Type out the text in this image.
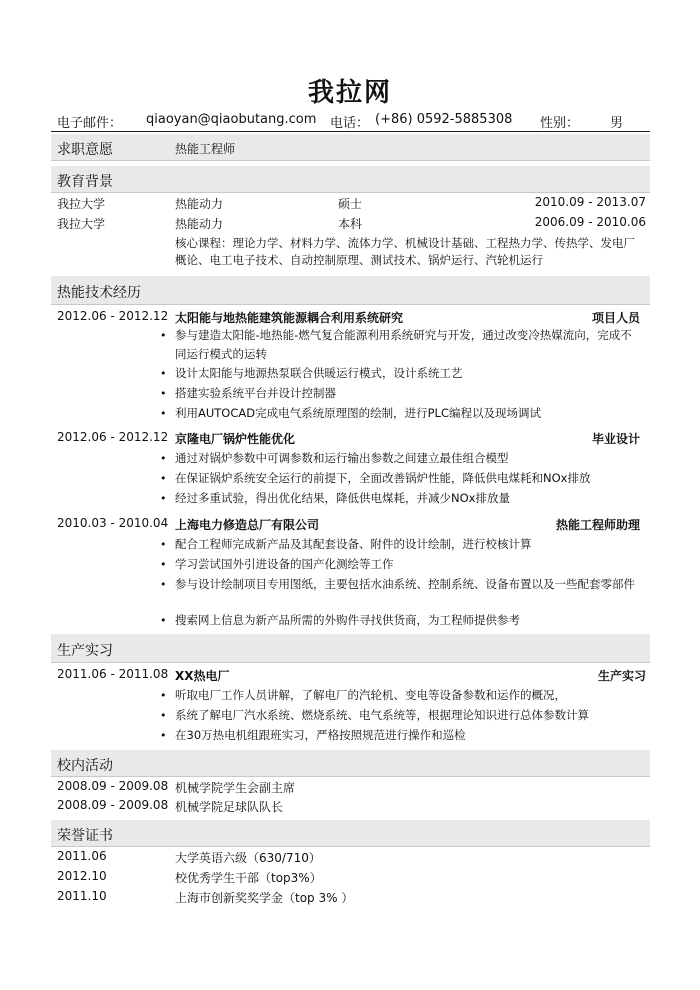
我拉网
电子邮件： qiaoyan@qiaobutang.com 电话： (+86) 0592-5885308 性别： 男
求职意愿	热能工程师
教育背景
我拉大学	热能动力	硕士	2010.09 - 2013.07
我拉大学	热能动力	本科	2006.09 - 2010.06
核心课程：理论力学、材料力学、流体力学、机械设计基础、工程热力学、传热学、发电厂概论、电工电子技术、自动控制原理、测试技术、锅炉运行、汽轮机运行
热能技术经历
2012.06 - 2012.12 太阳能与地热能建筑能源耦合利用系统研究	项目人员
• 参与建造太阳能-地热能-燃气复合能源利用系统研究与开发，通过改变冷热媒流向，完成不同运行模式的运转
• 设计太阳能与地源热泵联合供暖运行模式，设计系统工艺
• 搭建实验系统平台并设计控制器
• 利用AUTOCAD完成电气系统原理图的绘制，进行PLC编程以及现场调试
2012.06 - 2012.12 京隆电厂锅炉性能优化	毕业设计
• 通过对锅炉参数中可调参数和运行输出参数之间建立最佳组合模型
• 在保证锅炉系统安全运行的前提下，全面改善锅炉性能，降低供电煤耗和NOx排放
• 经过多重试验，得出优化结果，降低供电煤耗，并减少NOx排放量
2010.03 - 2010.04 上海电力修造总厂有限公司	热能工程师助理
• 配合工程师完成新产品及其配套设备、附件的设计绘制，进行校核计算
• 学习尝试国外引进设备的国产化测绘等工作
• 参与设计绘制项目专用图纸，主要包括水油系统、控制系统、设备布置以及一些配套零部件
• 搜索网上信息为新产品所需的外购件寻找供货商，为工程师提供参考
生产实习
2011.06 - 2011.08 XX热电厂	生产实习
• 听取电厂工作人员讲解，了解电厂的汽轮机、变电等设备参数和运作的概况，
• 系统了解电厂汽水系统、燃烧系统、电气系统等，根据理论知识进行总体参数计算
• 在30万热电机组跟班实习，严格按照规范进行操作和巡检
校内活动
2008.09 - 2009.08 机械学院学生会副主席
2008.09 - 2009.08 机械学院足球队队长
荣誉证书
2011.06	大学英语六级（630/710）
2012.10	校优秀学生干部（top3%）
2011.10	上海市创新奖奖学金（top 3% ）
